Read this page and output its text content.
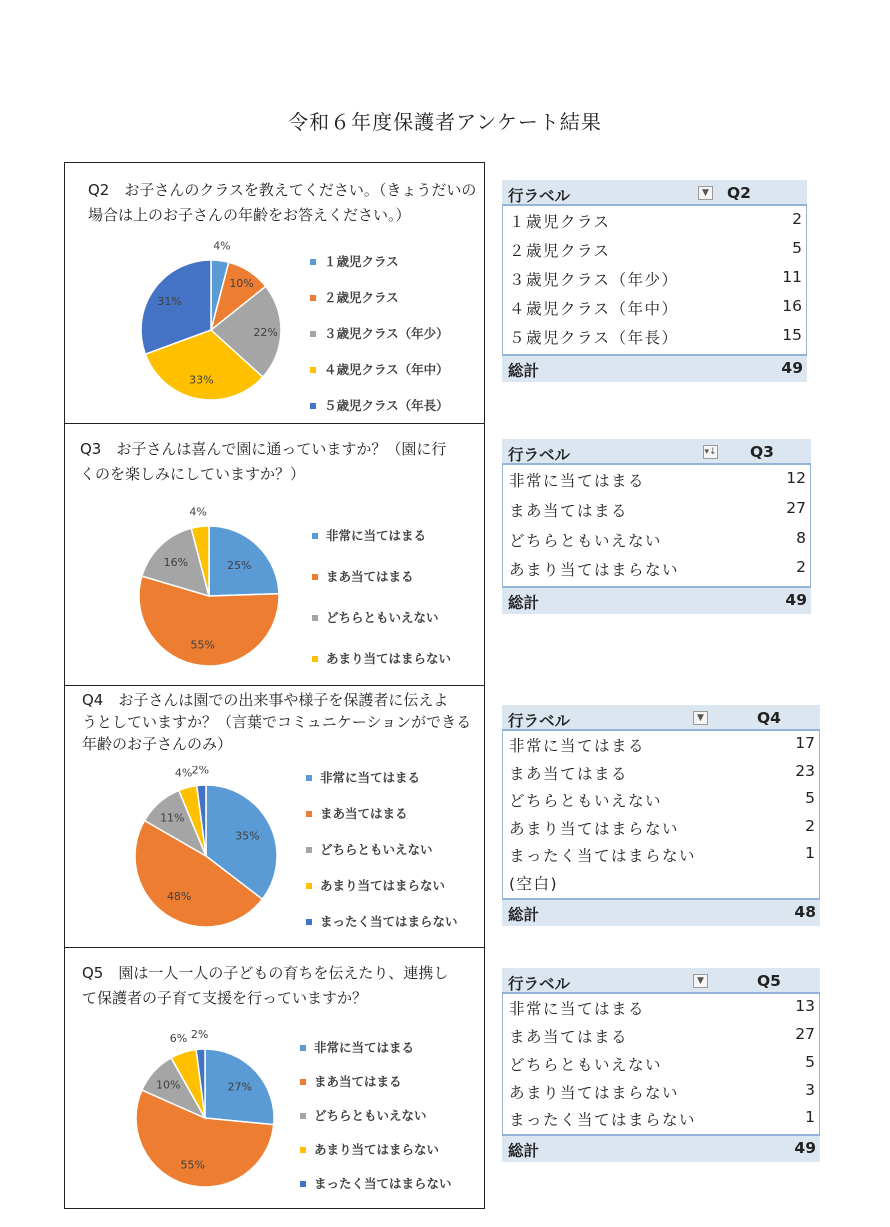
令和６年度保護者アンケート結果
Q2　お子さんのクラスを教えてください。（きょうだいの
場合は上のお子さんの年齢をお答えください。）
4%
10%
22%
33%
31%
１歳児クラス
２歳児クラス
３歳児クラス（年少）
４歳児クラス（年中）
５歳児クラス（年長）
行ラベル	▼ Q2
１歳児クラス	2
２歳児クラス	5
３歳児クラス（年少）	11
４歳児クラス（年中）	16
５歳児クラス（年長）	15
総計	49
Q3　お子さんは喜んで園に通っていますか？（園に行
くのを楽しみにしていますか？）
25%
55%
16%
4%
非常に当てはまる
まあ当てはまる
どちらともいえない
あまり当てはまらない
行ラベル	▾↓ Q3
非常に当てはまる	12
まあ当てはまる	27
どちらともいえない	8
あまり当てはまらない	2
総計	49
Q4　お子さんは園での出来事や様子を保護者に伝えよ
うとしていますか？（言葉でコミュニケーションができる
年齢のお子さんのみ）
35%
48%
11%
4% 2%	非常に当てはまる
まあ当てはまる
どちらともいえない
あまり当てはまらない
まったく当てはまらない
行ラベル	▼	Q4
非常に当てはまる	17
まあ当てはまる	23
どちらともいえない	5
あまり当てはまらない	2
まったく当てはまらない	1
(空白)
総計	48
Q5　園は一人一人の子どもの育ちを伝えたり、連携し
て保護者の子育て支援を行っていますか？
27%
55%
10%
6% 2%
非常に当てはまる
まあ当てはまる
どちらともいえない
あまり当てはまらない
まったく当てはまらない
行ラベル	▼	Q5
非常に当てはまる	13
まあ当てはまる	27
どちらともいえない	5
あまり当てはまらない	3
まったく当てはまらない	1
総計	49
